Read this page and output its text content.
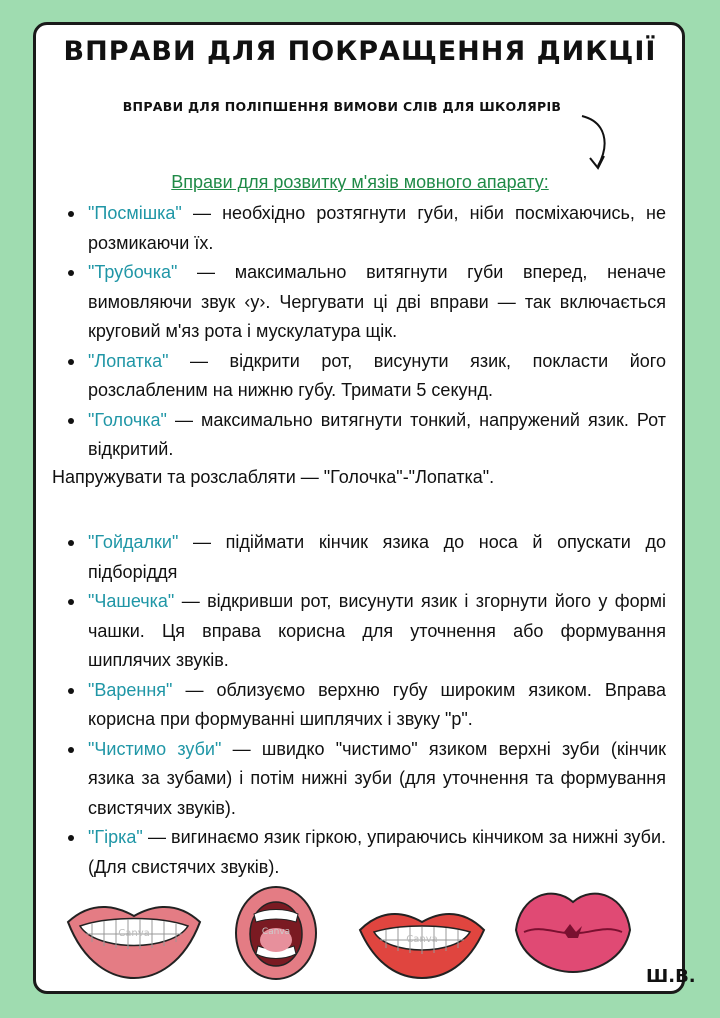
ВПРАВИ ДЛЯ ПОКРАЩЕННЯ ДИКЦІЇ
ВПРАВИ ДЛЯ ПОЛІПШЕННЯ ВИМОВИ СЛІВ ДЛЯ ШКОЛЯРІВ
Вправи для розвитку м'язів мовного апарату:
"Посмішка" — необхідно розтягнути губи, ніби посміхаючись, не розмикаючи їх.
"Трубочка" — максимально витягнути губи вперед, неначе вимовляючи звук ‹у›. Чергувати ці дві вправи — так включається круговий м'яз рота і мускулатура щік.
"Лопатка" — відкрити рот, висунути язик, покласти його розслабленим на нижню губу. Тримати 5 секунд.
"Голочка" — максимально витягнути тонкий, напружений язик. Рот відкритий.
Напружувати та розслабляти — "Голочка"-"Лопатка".
"Гойдалки" — підіймати кінчик язика до носа й опускати до підборіддя
"Чашечка" — відкривши рот, висунути язик і згорнути його у формі чашки. Ця вправа корисна для уточнення або формування шиплячих звуків.
"Варення" — облизуємо верхню губу широким язиком. Вправа корисна при формуванні шиплячих і звуку "р".
"Чистимо зуби" — швидко "чистимо" язиком верхні зуби (кінчик язика за зубами) і потім нижні зуби (для уточнення та формування свистячих звуків).
"Гірка" — вигинаємо язик гіркою, упираючись кінчиком за нижні зуби. (Для свистячих звуків).
Canva	Canva
Canva
Ш.В.
